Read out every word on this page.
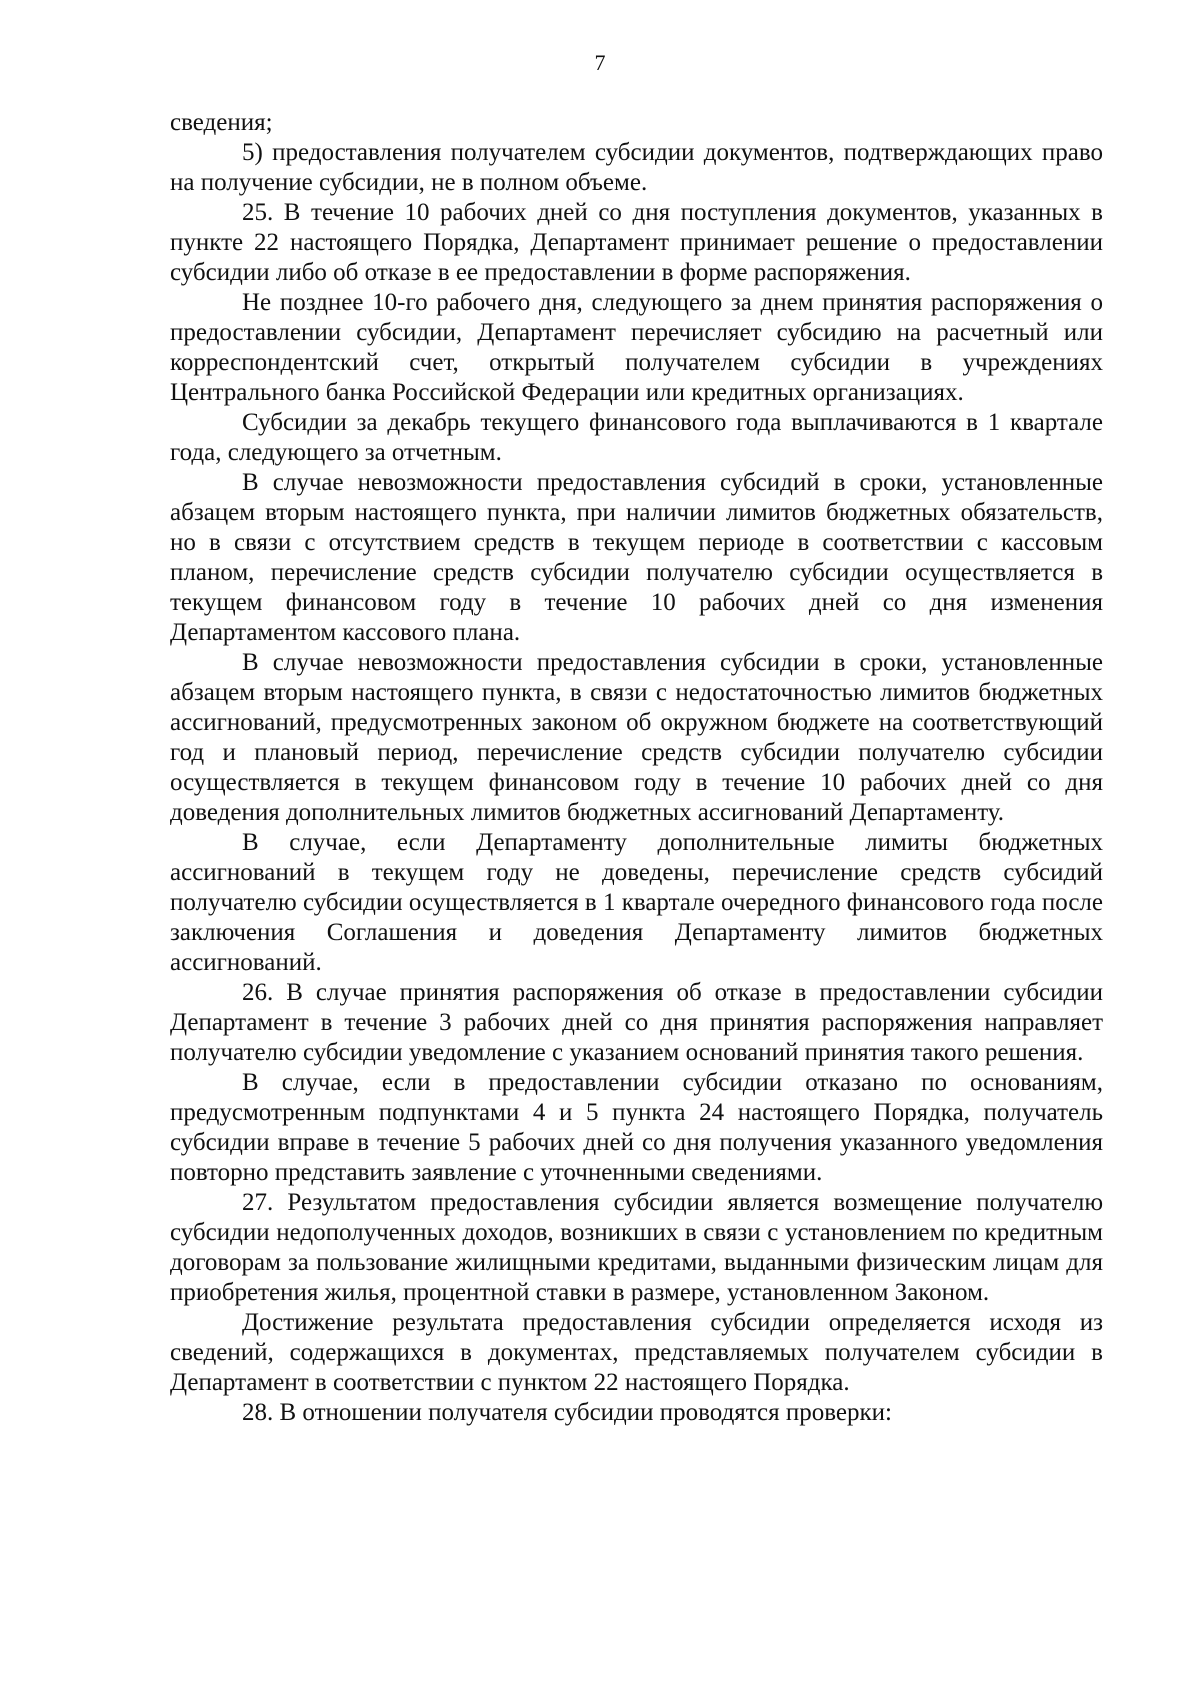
7

сведения;

5) предоставления получателем субсидии документов, подтверждающих право на получение субсидии, не в полном объеме.

25. В течение 10 рабочих дней со дня поступления документов, указанных в пункте 22 настоящего Порядка, Департамент принимает решение о предоставлении субсидии либо об отказе в ее предоставлении в форме распоряжения.

Не позднее 10-го рабочего дня, следующего за днем принятия распоряжения о предоставлении субсидии, Департамент перечисляет субсидию на расчетный или корреспондентский счет, открытый получателем субсидии в учреждениях Центрального банка Российской Федерации или кредитных организациях.

Субсидии за декабрь текущего финансового года выплачиваются в 1 квартале года, следующего за отчетным.

В случае невозможности предоставления субсидий в сроки, установленные абзацем вторым настоящего пункта, при наличии лимитов бюджетных обязательств, но в связи с отсутствием средств в текущем периоде в соответствии с кассовым планом, перечисление средств субсидии получателю субсидии осуществляется в текущем финансовом году в течение 10 рабочих дней со дня изменения Департаментом кассового плана.

В случае невозможности предоставления субсидии в сроки, установленные абзацем вторым настоящего пункта, в связи с недостаточностью лимитов бюджетных ассигнований, предусмотренных законом об окружном бюджете на соответствующий год и плановый период, перечисление средств субсидии получателю субсидии осуществляется в текущем финансовом году в течение 10 рабочих дней со дня доведения дополнительных лимитов бюджетных ассигнований Департаменту.

В случае, если Департаменту дополнительные лимиты бюджетных ассигнований в текущем году не доведены, перечисление средств субсидий получателю субсидии осуществляется в 1 квартале очередного финансового года после заключения Соглашения и доведения Департаменту лимитов бюджетных ассигнований.

26. В случае принятия распоряжения об отказе в предоставлении субсидии Департамент в течение 3 рабочих дней со дня принятия распоряжения направляет получателю субсидии уведомление с указанием оснований принятия такого решения.

В случае, если в предоставлении субсидии отказано по основаниям, предусмотренным подпунктами 4 и 5 пункта 24 настоящего Порядка, получатель субсидии вправе в течение 5 рабочих дней со дня получения указанного уведомления повторно представить заявление с уточненными сведениями.

27. Результатом предоставления субсидии является возмещение получателю субсидии недополученных доходов, возникших в связи с установлением по кредитным договорам за пользование жилищными кредитами, выданными физическим лицам для приобретения жилья, процентной ставки в размере, установленном Законом.

Достижение результата предоставления субсидии определяется исходя из сведений, содержащихся в документах, представляемых получателем субсидии в Департамент в соответствии с пунктом 22 настоящего Порядка.

28. В отношении получателя субсидии проводятся проверки:
